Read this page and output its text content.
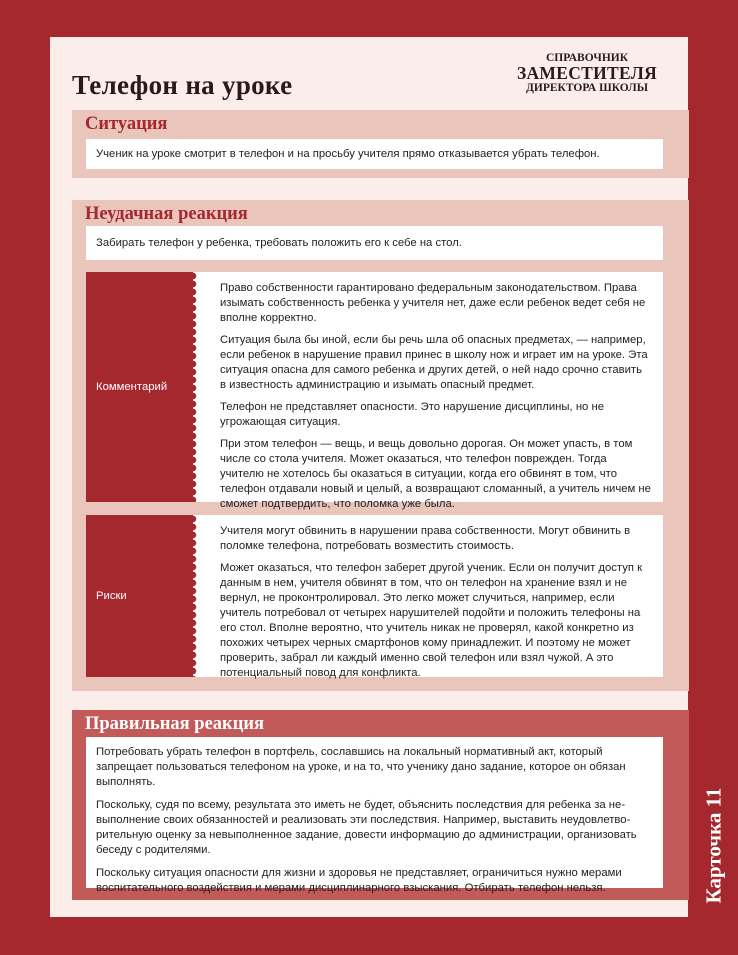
Телефон на уроке
СПРАВОЧНИК
ЗАМЕСТИТЕЛЯ
ДИРЕКТОРА ШКОЛЫ
Ситуация
Ученик на уроке смотрит в телефон и на просьбу учителя прямо отказывается убрать телефон.
Неудачная реакция
Забирать телефон у ребенка, требовать положить его к себе на стол.
Комментарий

Право собственности гарантировано федеральным законодательством. Права изымать собственность ребенка у учителя нет, даже если ребенок ведет себя не вполне корректно.

Ситуация была бы иной, если бы речь шла об опасных предметах, — например, если ребенок в нарушение правил принес в школу нож и играет им на уроке. Эта ситуация опасна для самого ребенка и других детей, о ней надо срочно ставить в известность администрацию и изымать опасный предмет.

Телефон не представляет опасности. Это нарушение дисциплины, но не угрожающая ситуация.

При этом телефон — вещь, и вещь довольно дорогая. Он может упасть, в том числе со стола учителя. Может оказаться, что телефон поврежден. Тогда учителю не хотелось бы оказаться в ситуации, когда его обвинят в том, что телефон отдавали новый и целый, а возвращают сломанный, а учитель ничем не сможет подтвердить, что поломка уже была.

Риски

Учителя могут обвинить в нарушении права собственности. Могут обвинить в поломке телефона, потребовать возместить стоимость.

Может оказаться, что телефон заберет другой ученик. Если он получит доступ к данным в нем, учителя обвинят в том, что он телефон на хранение взял и не вернул, не проконтролировал. Это легко может случиться, например, если учитель потребовал от четырех нарушителей подойти и положить телефоны на его стол. Вполне вероятно, что учитель никак не проверял, какой конкретно из похожих четырех черных смартфонов кому принадлежит. И поэтому не может проверить, забрал ли каждый именно свой телефон или взял чужой. А это потенциальный повод для конфликта.

Правильная реакция

Потребовать убрать телефон в портфель, сославшись на локальный нормативный акт, который запрещает пользоваться телефоном на уроке, и на то, что ученику дано задание, которое он обязан выполнять.

Поскольку, судя по всему, результата это иметь не будет, объяснить последствия для ребенка за не-выполнение своих обязанностей и реализовать эти последствия. Например, выставить неудовлетво-рительную оценку за невыполненное задание, довести информацию до администрации, организовать беседу с родителями.

Поскольку ситуация опасности для жизни и здоровья не представляет, ограничиться нужно мерами воспитательного воздействия и мерами дисциплинарного взыскания. Отбирать телефон нельзя.	Карточка 11
